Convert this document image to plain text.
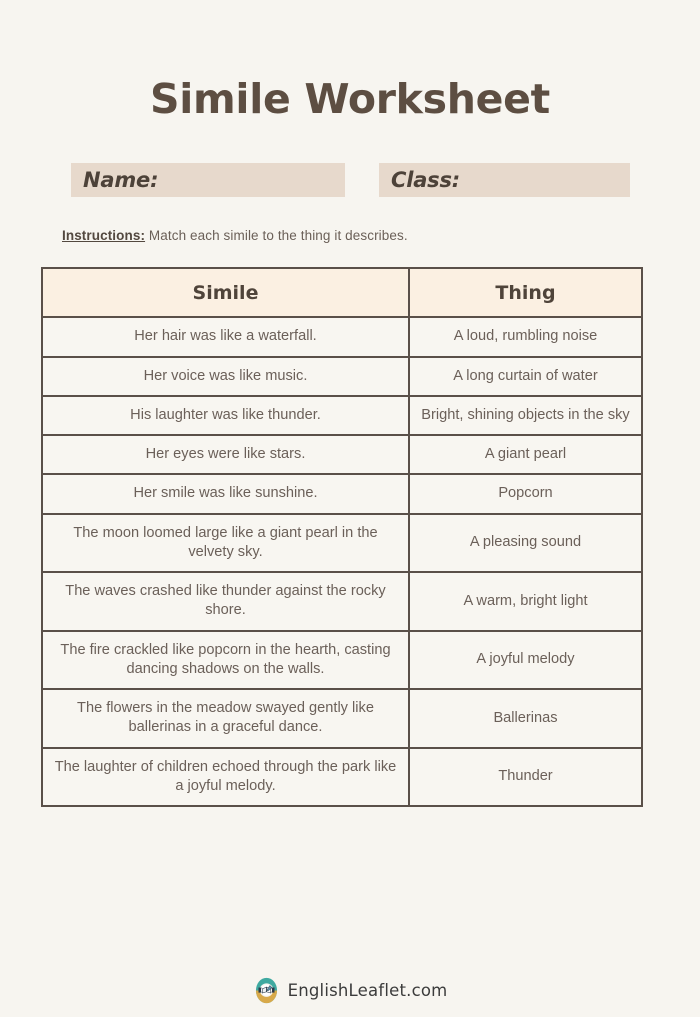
Simile Worksheet
Name:	Class:
Instructions: Match each simile to the thing it describes.
Simile	Thing
Her hair was like a waterfall.	A loud, rumbling noise
Her voice was like music.	A long curtain of water
His laughter was like thunder.	Bright, shining objects in the sky
Her eyes were like stars.	A giant pearl
Her smile was like sunshine.	Popcorn
The moon loomed large like a giant pearl in the velvety sky.	A pleasing sound
The waves crashed like thunder against the rocky shore.	A warm, bright light
The fire crackled like popcorn in the hearth, casting dancing shadows on the walls.	A joyful melody
The flowers in the meadow swayed gently like ballerinas in a graceful dance.	Ballerinas
The laughter of children echoed through the park like a joyful melody.	Thunder
EnglishLeaflet.com
